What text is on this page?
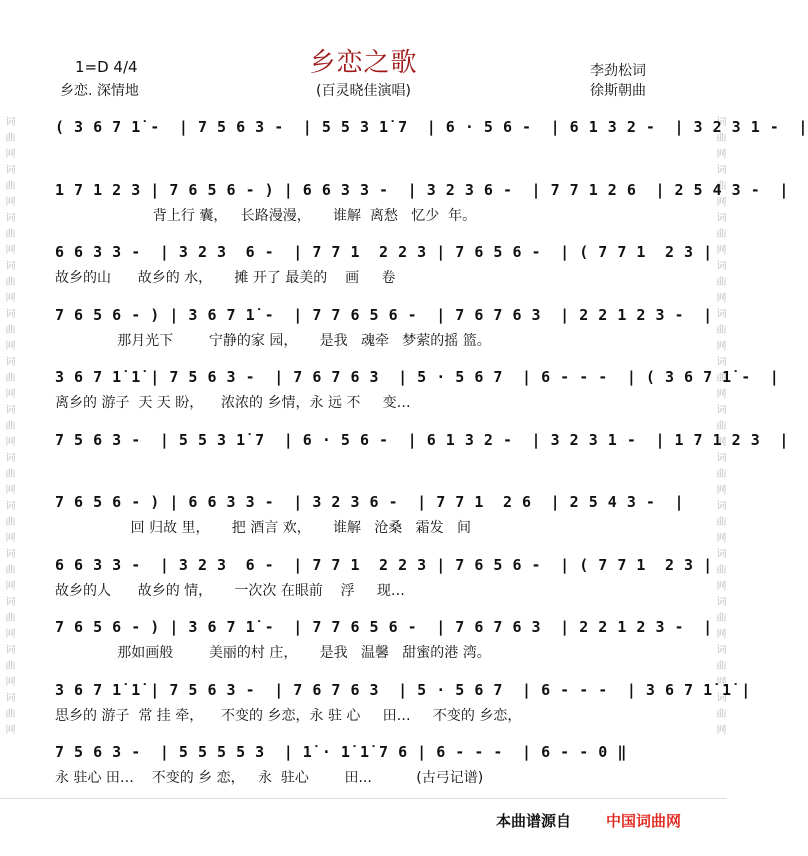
词曲网词曲网词曲网词曲网词曲网词曲网词曲网词曲网词曲网词曲网词曲网词曲网词曲网	词曲网词曲网词曲网词曲网词曲网词曲网词曲网词曲网词曲网词曲网词曲网词曲网词曲网
乡恋之歌
(百灵晓佳演唱)
1=D 4/4
乡恋. 深情地
李劲松词
徐斯朝曲
( 3 6 7 1̇ -  | 7 5 6 3 -  | 5 5 3 1̇ 7  | 6 · 5 6 -  | 6 1 3 2 -  | 3 2 3 1 -  |
1 7 1 2 3 | 7 6 5 6 - ) | 6 6 3 3 -  | 3 2 3 6 -  | 7 7 1 2 6  | 2 5 4 3 -  |
背上行 囊，   长路漫漫，     谁解  离愁   忆少  年。
6 6 3 3 -  | 3 2 3  6 -  | 7 7 1  2 2 3 | 7 6 5 6 -  | ( 7 7 1  2 3 |
故乡的山      故乡的 水，     摊 开了 最美的    画     卷
7 6 5 6 - ) | 3 6 7 1̇ -  | 7 7 6 5 6 -  | 7 6 7 6 3  | 2 2 1 2 3 -  |
那月光下        宁静的家 园，     是我   魂牵   梦萦的摇 篮。
3 6 7 1̇ 1̇ | 7 5 6 3 -  | 7 6 7 6 3  | 5 · 5 6 7  | 6 - - -  | ( 3 6 7 1̇ -  |
离乡的 游子  天 天 盼，    浓浓的 乡情，永 远 不     变…
7 5 6 3 -  | 5 5 3 1̇ 7  | 6 · 5 6 -  | 6 1 3 2 -  | 3 2 3 1 -  | 1 7 1 2 3  |
7 6 5 6 - ) | 6 6 3 3 -  | 3 2 3 6 -  | 7 7 1  2 6  | 2 5 4 3 -  |
回 归故 里，     把 酒言 欢，     谁解   沧桑   霜发   间
6 6 3 3 -  | 3 2 3  6 -  | 7 7 1  2 2 3 | 7 6 5 6 -  | ( 7 7 1  2 3 |
故乡的人      故乡的 情，     一次次 在眼前    浮     现…
7 6 5 6 - ) | 3 6 7 1̇ -  | 7 7 6 5 6 -  | 7 6 7 6 3  | 2 2 1 2 3 -  |
那如画般        美丽的村 庄，     是我   温馨   甜蜜的港 湾。
3 6 7 1̇ 1̇ | 7 5 6 3 -  | 7 6 7 6 3  | 5 · 5 6 7  | 6 - - -  | 3 6 7 1̇ 1̇ |
思乡的 游子  常 挂 牵，    不变的 乡恋，永 驻 心     田…     不变的 乡恋，
7 5 6 3 -  | 5 5 5 5 3  | 1̇ · 1̇ 1̇ 7 6 | 6 - - -  | 6 - - 0 ‖
永 驻心 田…    不变的 乡 恋，   永  驻心        田...          (古弓记谱)
本曲谱源自 中国词曲网
